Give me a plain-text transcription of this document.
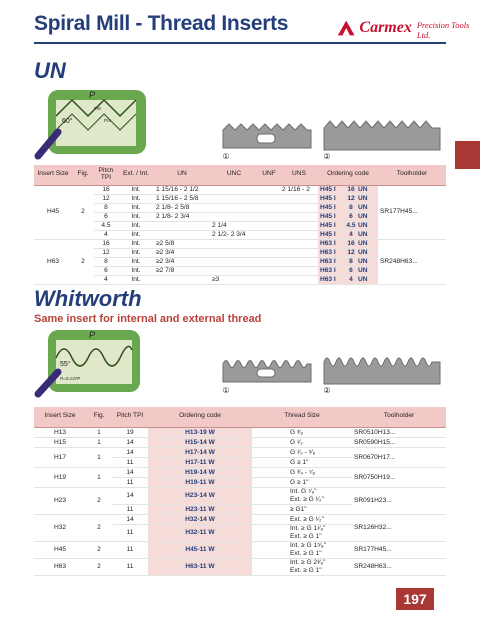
Spiral Mill - Thread Inserts	Carmex Precision Tools Ltd.
UN
P
60°
P/8
P/4
①	②
Insert Size	Fig.	Pitch TPI	Ext. / Int.	UN	UNC	UNF	UNS	Ordering code	Toolholder
H45	2	16	Int.	1 15/16 - 2 1/2			2 1/16 - 2	H45 I 16 UN	SR177H45...
		12	Int.	1 15/16 - 2 5/8				H45 I 12 UN	
		8	Int.	2 1/8- 2 5/8				H45 I 8 UN	
		6	Int.	2 1/8- 2 3/4				H45 I 6 UN	
		4.5	Int.		2 1/4			H45 I 4.5 UN	
		4	Int.		2 1/2- 2 3/4			H45 I 4 UN	
H63	2	16	Int.	≥2 5/8				H63 I 16 UN	SR248H63...
		12	Int.	≥2 3/4				H63 I 12 UN	
		8	Int.	≥2 3/4				H63 I 8 UN	
		6	Int.	≥2 7/8				H63 I 6 UN	
		4	Int.		≥3			H63 I 4 UN	
Whitworth
Same insert for internal and external thread
P
55°
R=0.137P
①	②
Insert Size	Fig.	Pitch TPI	Ordering code	Thread Size	Toolholder
H13	1	19	H13-19 W	G ³⁄₈	SR0510H13...
H15	1	14	H15-14 W	G ¹⁄₂	SR0590H15...
H17	1	14	H17-14 W	G ¹⁄₂ - ⁵⁄₈	SR0670H17...
		11	H17-11 W	G ≥ 1"	

H19	1	14	H19-14 W	G ³⁄₄ - ⁷⁄₈	SR0750H19...
		11	H19-11 W	G ≥ 1"	

H23	2	14	H23-14 W	Int. G ⁷⁄₈"
Ext. ≥ G ¹⁄₂"	SR091H23...
		11	H23-11 W	≥ G1"	

H32	2	14	H32-14 W	Ext. ≥ G ¹⁄₂"	SR126H32...
		11	H32-11 W	Int. ≥ G 1¹⁄₈"
Ext. ≥ G 1"	

H45	2	11	H45-11 W	Int. ≥ G 1⁵⁄₈"
Ext. ≥ G 1"	SR177H45...
H63	2	11	H63-11 W	Int. ≥ G 2³⁄₈"
Ext. ≥ G 1"	SR248H63...
197
